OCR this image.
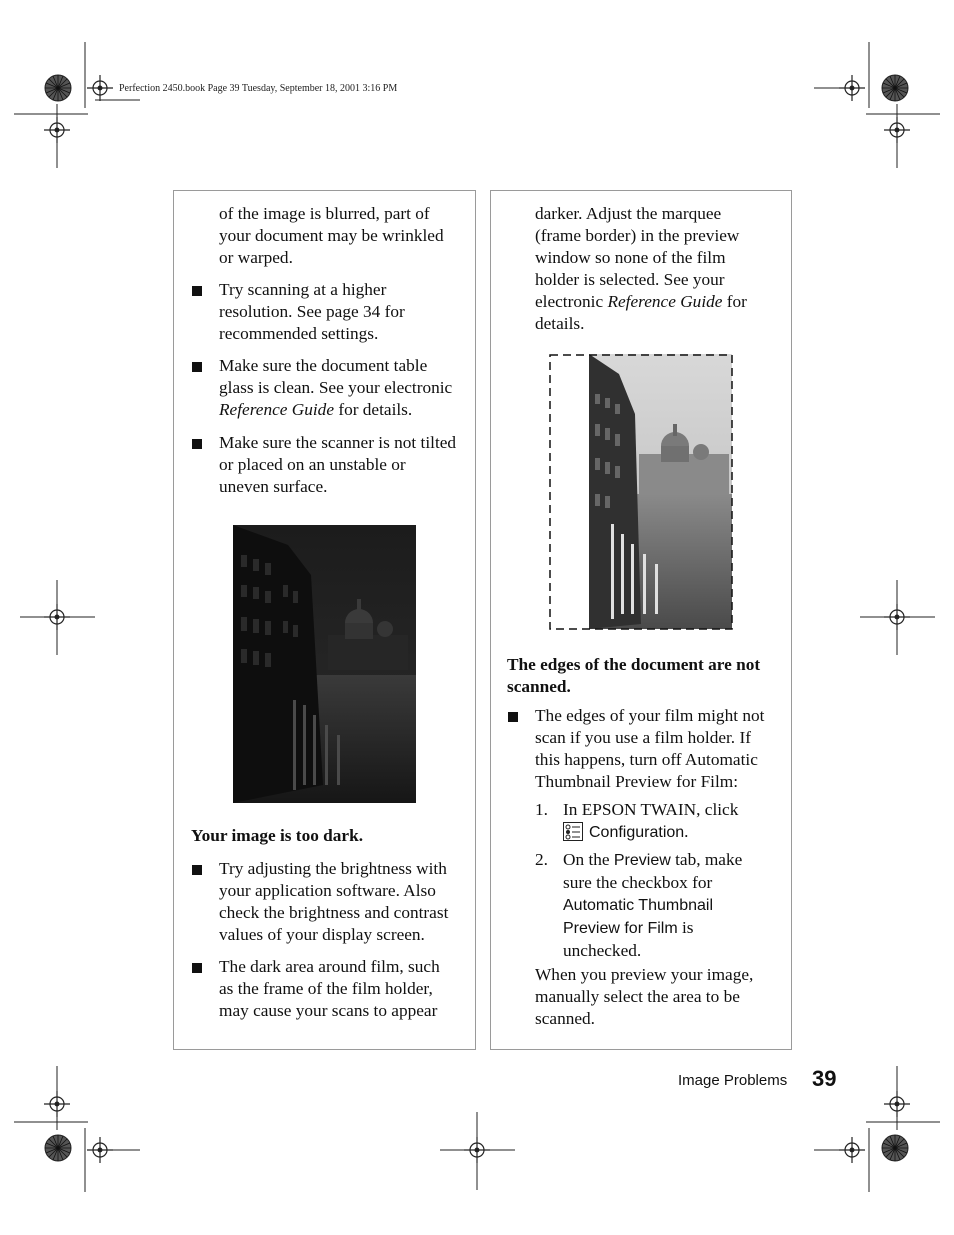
Perfection 2450.book Page 39 Tuesday, September 18, 2001 3:16 PM

of the image is blurred, part of your document may be wrinkled or warped.

Try scanning at a higher resolution. See page 34 for recommended settings.

Make sure the document table glass is clean. See your electronic Reference Guide for details.

Make sure the scanner is not tilted or placed on an unstable or uneven surface.

Your image is too dark.

Try adjusting the brightness with your application software. Also check the brightness and contrast values of your display screen.

The dark area around film, such as the frame of the film holder, may cause your scans to appear

darker. Adjust the marquee (frame border) in the preview window so none of the film holder is selected. See your electronic Reference Guide for details.

The edges of the document are not scanned.

The edges of your film might not scan if you use a film holder. If this happens, turn off Automatic Thumbnail Preview for Film:

1. In EPSON TWAIN, click
Configuration.

2. On the Preview tab, make sure the checkbox for Automatic Thumbnail Preview for Film is unchecked.

When you preview your image, manually select the area to be scanned.

Image Problems 39
